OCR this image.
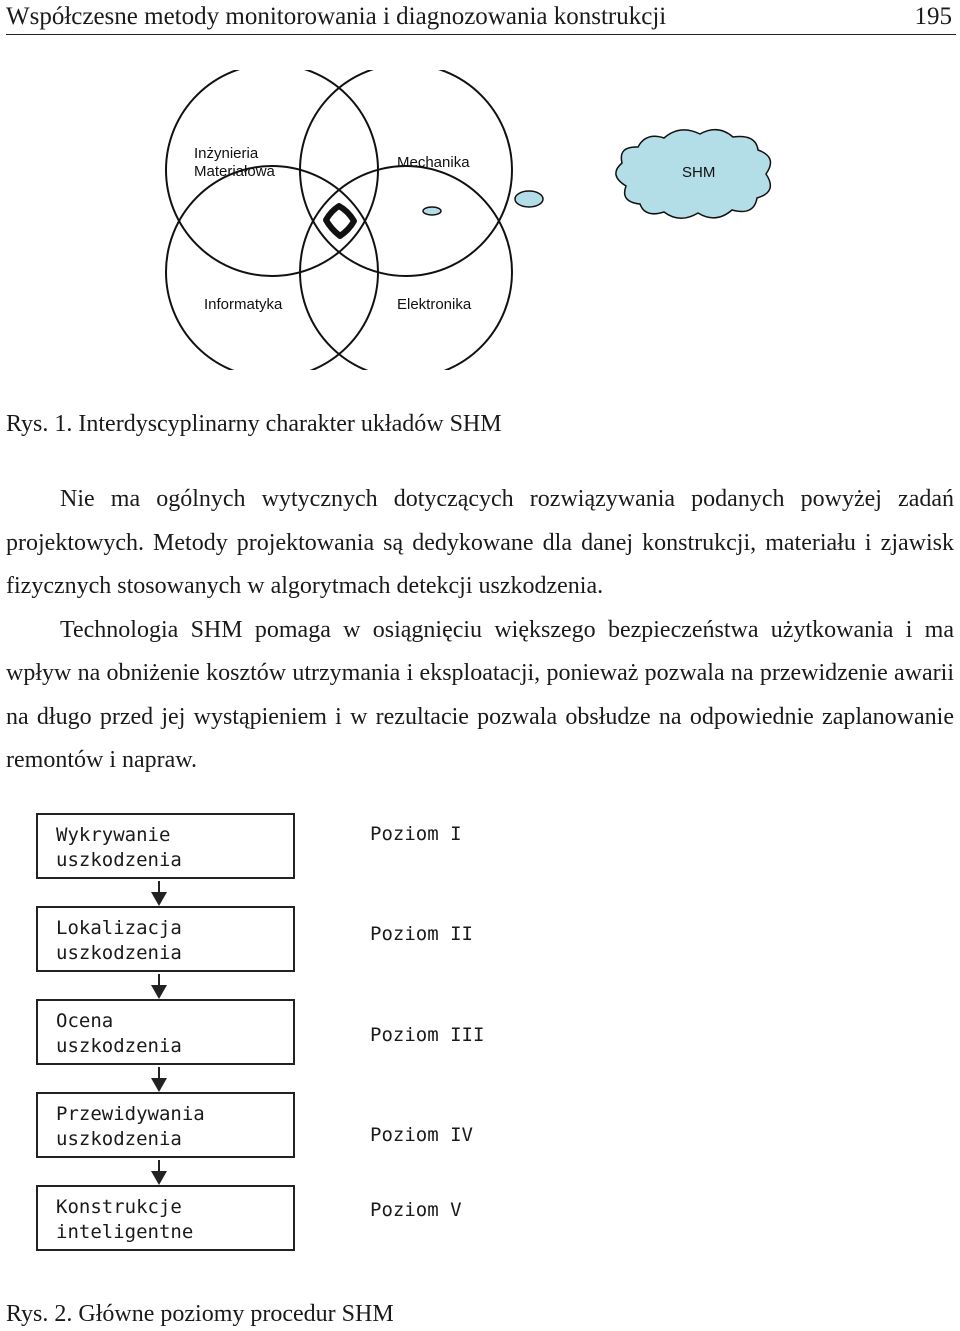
Współczesne metody monitorowania i diagnozowania konstrukcji	195
Inżynieria
Materiałowa
Mechanika
Informatyka	Elektronika
SHM
Rys. 1. Interdyscyplinarny charakter układów SHM

Nie ma ogólnych wytycznych dotyczących rozwiązywania podanych powyżej zadań projektowych. Metody projektowania są dedykowane dla danej konstrukcji, materiału i zjawisk fizycznych stosowanych w algorytmach detekcji uszkodzenia.

Technologia SHM pomaga w osiągnięciu większego bezpieczeństwa użytkowania i ma wpływ na obniżenie kosztów utrzymania i eksploatacji, ponieważ pozwala na przewidzenie awarii na długo przed jej wystąpieniem i w rezultacie pozwala obsłudze na odpowiednie zaplanowanie remontów i napraw.

Wykrywanie
uszkodzenia
Poziom I
Lokalizacja
uszkodzenia
Poziom II
Ocena
uszkodzenia	Poziom III
Przewidywania
uszkodzenia	Poziom IV
Konstrukcje
inteligentne
Poziom V
Rys. 2. Główne poziomy procedur SHM
